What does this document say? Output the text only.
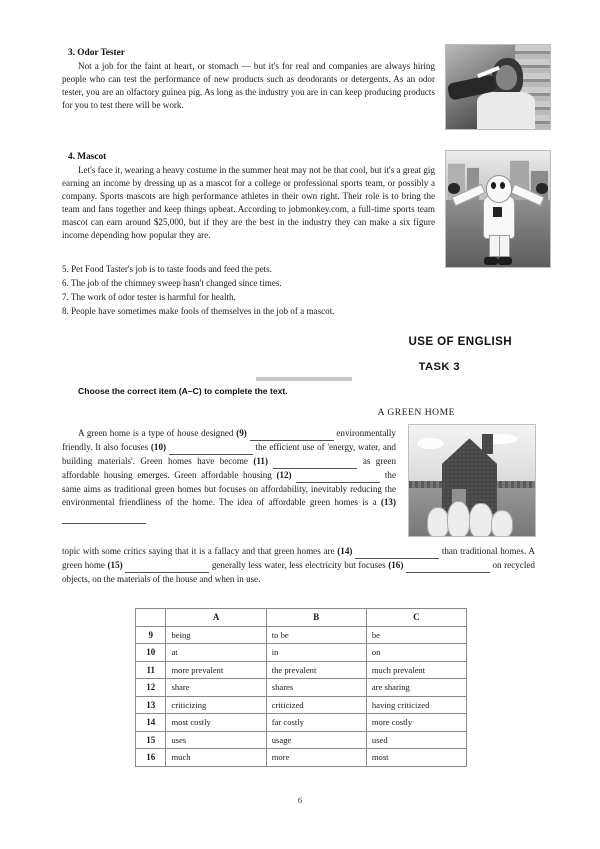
3. Odor Tester
Not a job for the faint at heart, or stomach — but it's for real and companies are always hiring people who can test the performance of new products such as deodorants or detergents. As an odor tester, you are an olfactory guinea pig. As long as the industry you are in can keep producing products for you to test there will be work.
4. Mascot
Let's face it, wearing a heavy costume in the summer heat may not be that cool, but it's a great gig earning an income by dressing up as a mascot for a college or professional sports team, or possibly a company. Sports mascots are high performance athletes in their own right. Their role is to bring the team and fans together and keep things upbeat. According to jobmonkey.com, a full-time sports team mascot can earn around $25,000, but if they are the best in the industry they can make a six figure income depending how popular they are.
5. Pet Food Taster's job is to taste foods and feed the pets.
6. The job of the chimney sweep hasn't changed since times.
7. The work of odor tester is harmful for health.
8. People have sometimes make fools of themselves in the job of a mascot.
USE OF ENGLISH
TASK 3
Choose the correct item (A–C) to complete the text.
A GREEN HOME
A green home is a type of house designed (9)	environmentally friendly. It also focuses (10)	the efficient use of 'energy, water, and building materials'. Green homes have become (11)	as green affordable housing emerges. Green affordable housing (12)	the same aims as traditional green homes but focuses on affordability, inevitably reducing the environmental friendliness of the home. The idea of affordable green homes is a (13)
topic with some critics saying that it is a fallacy and that green homes are (14)	than traditional homes. A green home (15)	generally less water, less electricity but focuses (16)	on recycled objects, on the materials of the house and when in use.
	A	B	C
9	being	to be	be
10	at	in	on
11	more prevalent	the prevalent	much prevalent
12	share	shares	are sharing
13	criticizing	criticized	having criticized
14	most costly	far costly	more costly
15	uses	usage	used
16	much	more	most
6
